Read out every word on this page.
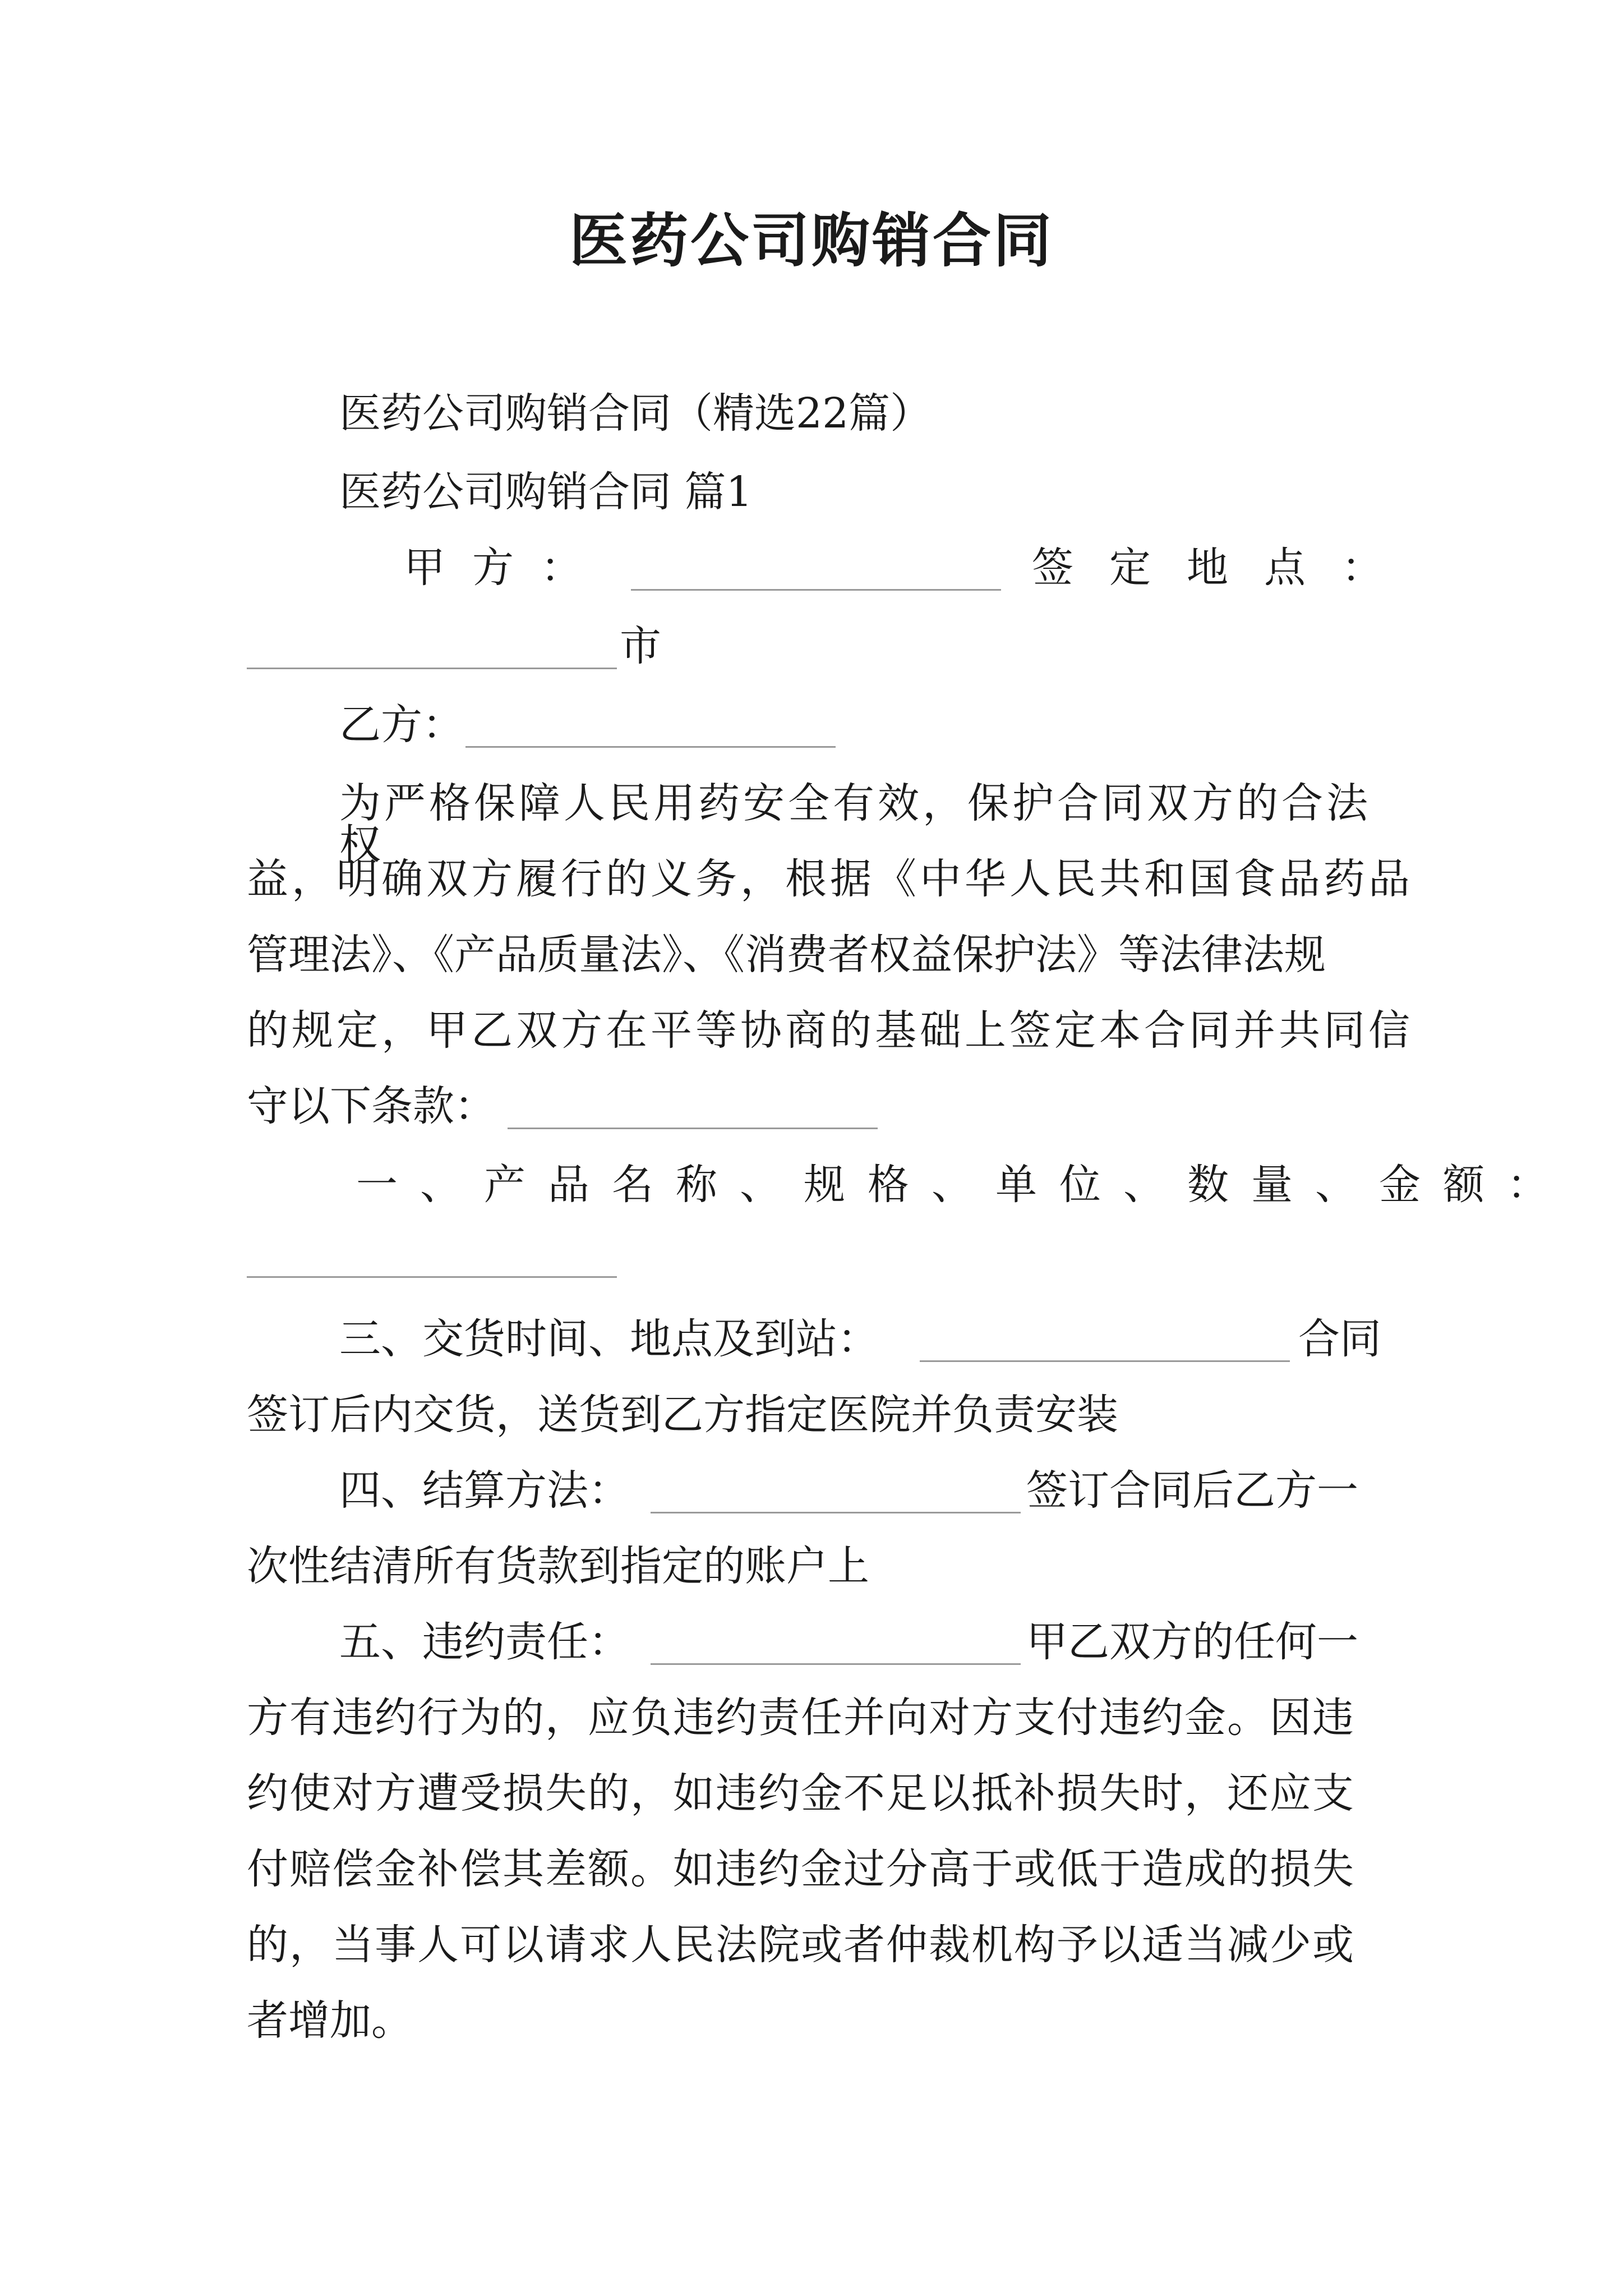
医药公司购销合同
医药公司购销合同（精选22篇）
医药公司购销合同 篇1
甲方：	签定地点：
市
乙方：
为严格保障人民用药安全有效，保护合同双方的合法权
益，明确双方履行的义务，根据《中华人民共和国食品药品
管理法》、《产品质量法》、《消费者权益保护法》等法律法规
的规定，甲乙双方在平等协商的基础上签定本合同并共同信
守以下条款：
一、产品名称、规格、单位、数量、金额：
三、交货时间、地点及到站：	合同
签订后内交货，送货到乙方指定医院并负责安装
四、结算方法：	签订合同后乙方一
次性结清所有货款到指定的账户上
五、违约责任：	甲乙双方的任何一
方有违约行为的，应负违约责任并向对方支付违约金。因违
约使对方遭受损失的，如违约金不足以抵补损失时，还应支
付赔偿金补偿其差额。如违约金过分高于或低于造成的损失
的，当事人可以请求人民法院或者仲裁机构予以适当减少或
者增加。
